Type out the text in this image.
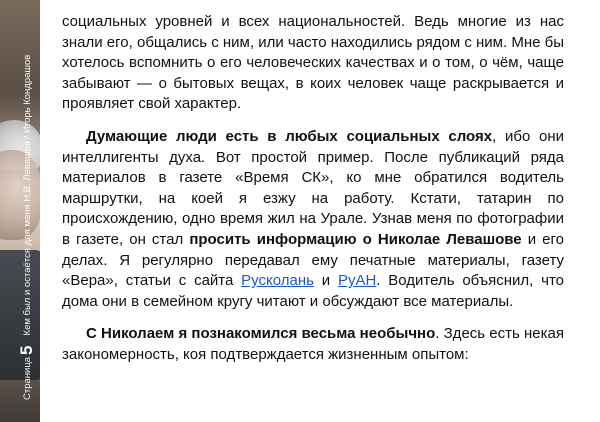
Страница5Кем был и остаётся для меня Н.В. Левашов? Игорь Кондрашов

социальных уровней и всех национальностей. Ведь многие из нас знали его, общались с ним, или часто находились рядом с ним. Мне бы хотелось вспомнить о его человеческих качествах и о том, о чём, чаще забывают — о бытовых вещах, в коих человек чаще раскрывается и проявляет свой характер.

Думающие люди есть в любых социальных слоях, ибо они интеллигенты духа. Вот простой пример. После публикаций ряда материалов в газете «Время СК», ко мне обратился водитель маршрутки, на коей я езжу на работу. Кстати, татарин по происхождению, одно время жил на Урале. Узнав меня по фотографии в газете, он стал просить информацию о Николае Левашове и его делах. Я регулярно передавал ему печатные материалы, газету «Вера», статьи с сайта Русколань и РуАН. Водитель объяснил, что дома они в семейном кругу читают и обсуждают все материалы.

С Николаем я познакомился весьма необычно. Здесь есть некая закономерность, коя подтверждается жизненным опытом:
